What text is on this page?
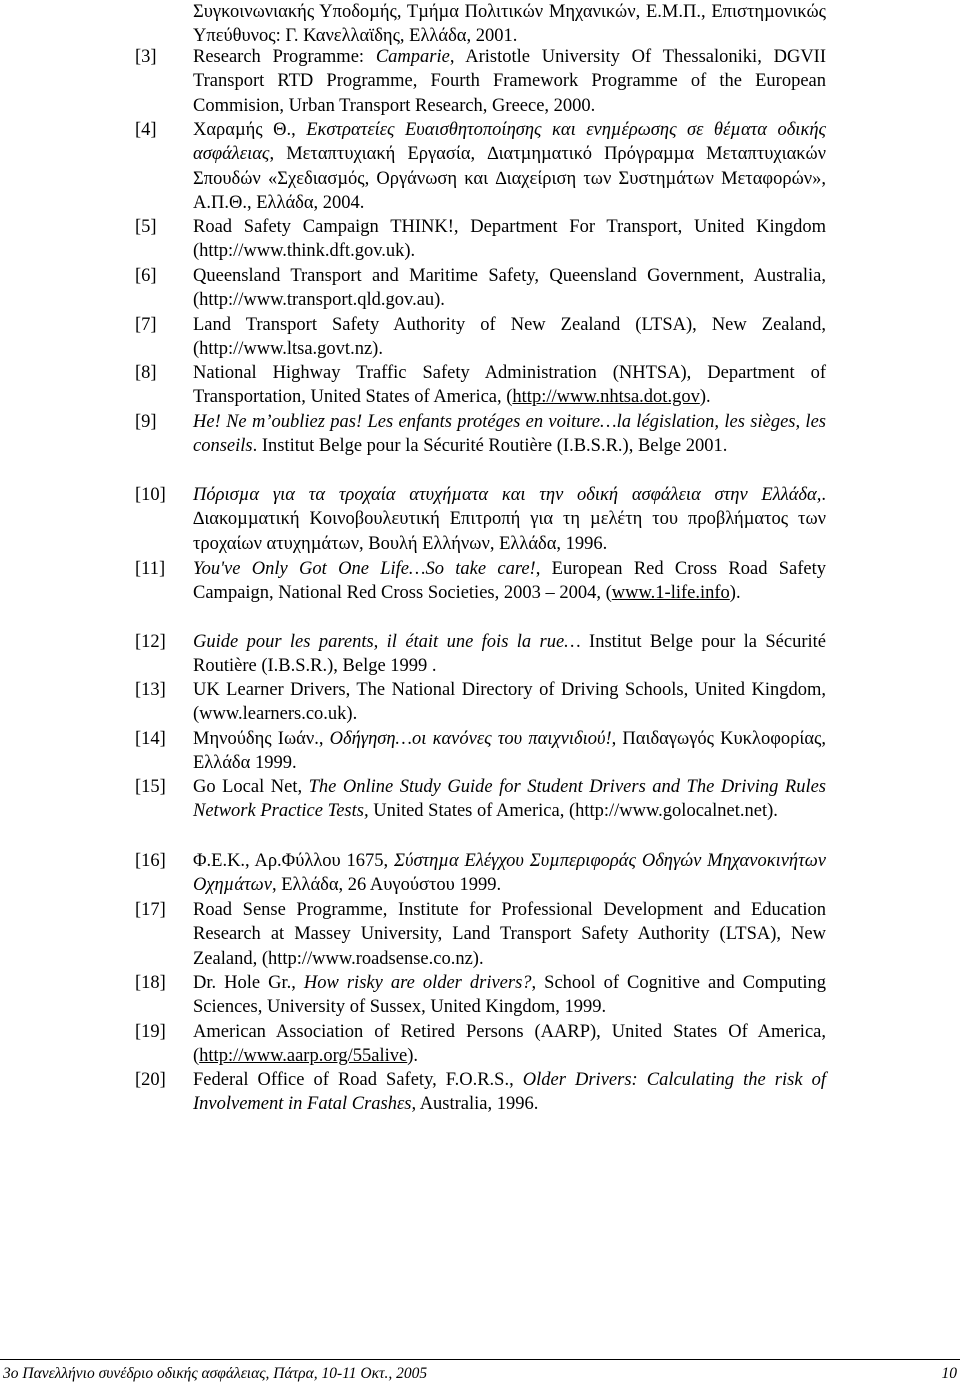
Συγκοινωνιακής Υποδοµής, Τµήµα Πολιτικών Μηχανικών, Ε.Μ.Π., Επιστηµονικώς Υπεύθυνος: Γ. Κανελλαϊδης, Ελλάδα, 2001.
[3] Research Programme: Camparie, Aristotle University Of Thessaloniki, DGVII Transport RTD Programme, Fourth Framework Programme of the European Commision, Urban Transport Research, Greece, 2000.
[4] Χαραµής Θ., Εκστρατείες Ευαισθητοποίησης και ενηµέρωσης σε θέµατα οδικής ασφάλειας, Μεταπτυχιακή Εργασία, ∆ιατµηµατικό Πρόγραµµα Μεταπτυχιακών Σπουδών «Σχεδιασµός, Οργάνωση και ∆ιαχείριση των Συστηµάτων Μεταφορών», Α.Π.Θ., Ελλάδα, 2004.
[5] Road Safety Campaign THINK!, Department For Transport, United Kingdom (http://www.think.dft.gov.uk).
[6] Queensland Transport and Maritime Safety, Queensland Government, Australia, (http://www.transport.qld.gov.au).
[7] Land Transport Safety Authority of New Zealand (LTSA), New Zealand, (http://www.ltsa.govt.nz).
[8] National Highway Traffic Safety Administration (NHTSA), Department of Transportation, United States of America, (http://www.nhtsa.dot.gov).
[9] He! Ne m’oubliez pas! Les enfants protéges en voiture…la législation, les sièges, les conseils. Institut Belge pour la Sécurité Routière (I.B.S.R.), Belge 2001.
[10] Πόρισµα για τα τροχαία ατυχήµατα και την οδική ασφάλεια στην Ελλάδα,. ∆ιακοµµατική Κοινοβουλευτική Επιτροπή για τη µελέτη του προβλήµατος των τροχαίων ατυχηµάτων, Βουλή Ελλήνων, Ελλάδα, 1996.
[11] You've Only Got One Life…So take care!, European Red Cross Road Safety Campaign, National Red Cross Societies, 2003 – 2004, (www.1-life.info).
[12] Guide pour les parents, il était une fois la rue… Institut Belge pour la Sécurité Routière (I.B.S.R.), Belge 1999 .
[13] UK Learner Drivers, The National Directory of Driving Schools, United Kingdom, (www.learners.co.uk).
[14] Μηνούδης Ιωάν., Οδήγηση…οι κανόνες του παιχνιδιού!, Παιδαγωγός Κυκλοφορίας, Ελλάδα 1999.
[15] Go Local Net, The Online Study Guide for Student Drivers and The Driving Rules Network Practice Tests, United States of America, (http://www.golocalnet.net).
[16] Φ.Ε.Κ., Αρ.Φύλλου 1675, Σύστηµα Ελέγχου Συµπεριφοράς Οδηγών Μηχανοκινήτων Οχηµάτων, Ελλάδα, 26 Αυγούστου 1999.
[17] Road Sense Programme, Institute for Professional Development and Education Research at Massey University, Land Transport Safety Authority (LTSA), New Zealand, (http://www.roadsense.co.nz).
[18] Dr. Hole Gr., How risky are older drivers?, School of Cognitive and Computing Sciences, University of Sussex, United Kingdom, 1999.
[19] American Association of Retired Persons (AARP), United States Of America, (http://www.aarp.org/55alive).
[20] Federal Office of Road Safety, F.O.R.S., Older Drivers: Calculating the risk of Involvement in Fatal Crashεs, Australia, 1996.
3ο Πανελλήνιο συνέδριο οδικής ασφάλειας, Πάτρα, 10-11 Οκτ., 2005	10
